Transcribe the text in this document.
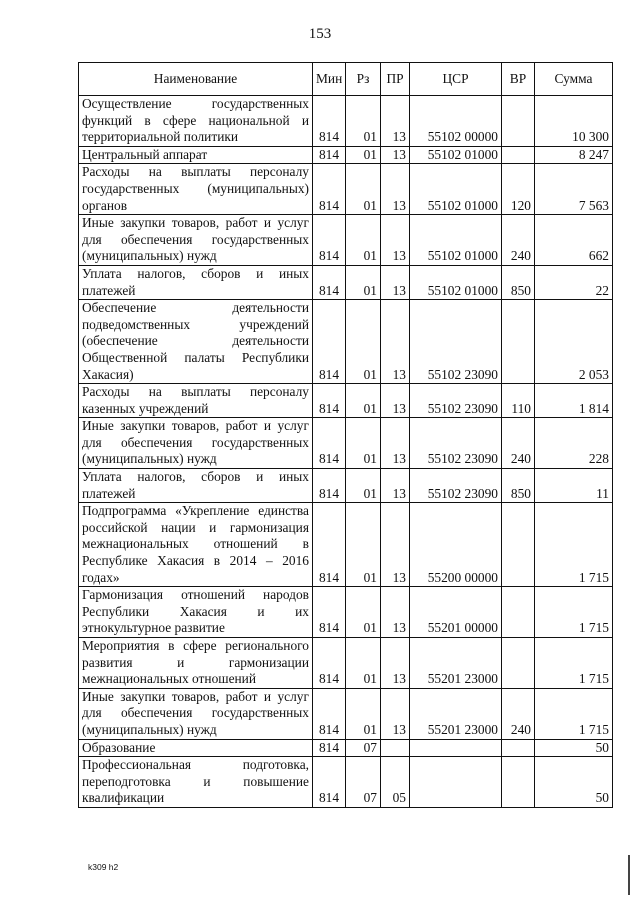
153
Наименование	Мин	Рз	ПР	ЦСР	ВР	Сумма
Осуществление государственных функций в сфере национальной и территориальной политики	814	01	13	55102 00000		10 300
Центральный аппарат	814	01	13	55102 01000		8 247
Расходы на выплаты персоналу государственных (муниципальных) органов	814	01	13	55102 01000	120	7 563
Иные закупки товаров, работ и услуг для обеспечения государственных (муниципальных) нужд	814	01	13	55102 01000	240	662
Уплата налогов, сборов и иных платежей	814	01	13	55102 01000	850	22
Обеспечение деятельности подведомственных учреждений (обеспечение деятельности Общественной палаты Республики Хакасия)	814	01	13	55102 23090		2 053
Расходы на выплаты персоналу казенных учреждений	814	01	13	55102 23090	110	1 814
Иные закупки товаров, работ и услуг для обеспечения государственных (муниципальных) нужд	814	01	13	55102 23090	240	228
Уплата налогов, сборов и иных платежей	814	01	13	55102 23090	850	11
Подпрограмма «Укрепление единства российской нации и гармонизация межнациональных отношений в Республике Хакасия в 2014 – 2016 годах»	814	01	13	55200 00000		1 715
Гармонизация отношений народов Республики Хакасия и их этнокультурное развитие	814	01	13	55201 00000		1 715
Мероприятия в сфере регионального развития и гармонизации межнациональных отношений	814	01	13	55201 23000		1 715
Иные закупки товаров, работ и услуг для обеспечения государственных (муниципальных) нужд	814	01	13	55201 23000	240	1 715
Образование	814	07				50
Профессиональная подготовка, переподготовка и повышение квалификации	814	07	05			50
k309 h2
